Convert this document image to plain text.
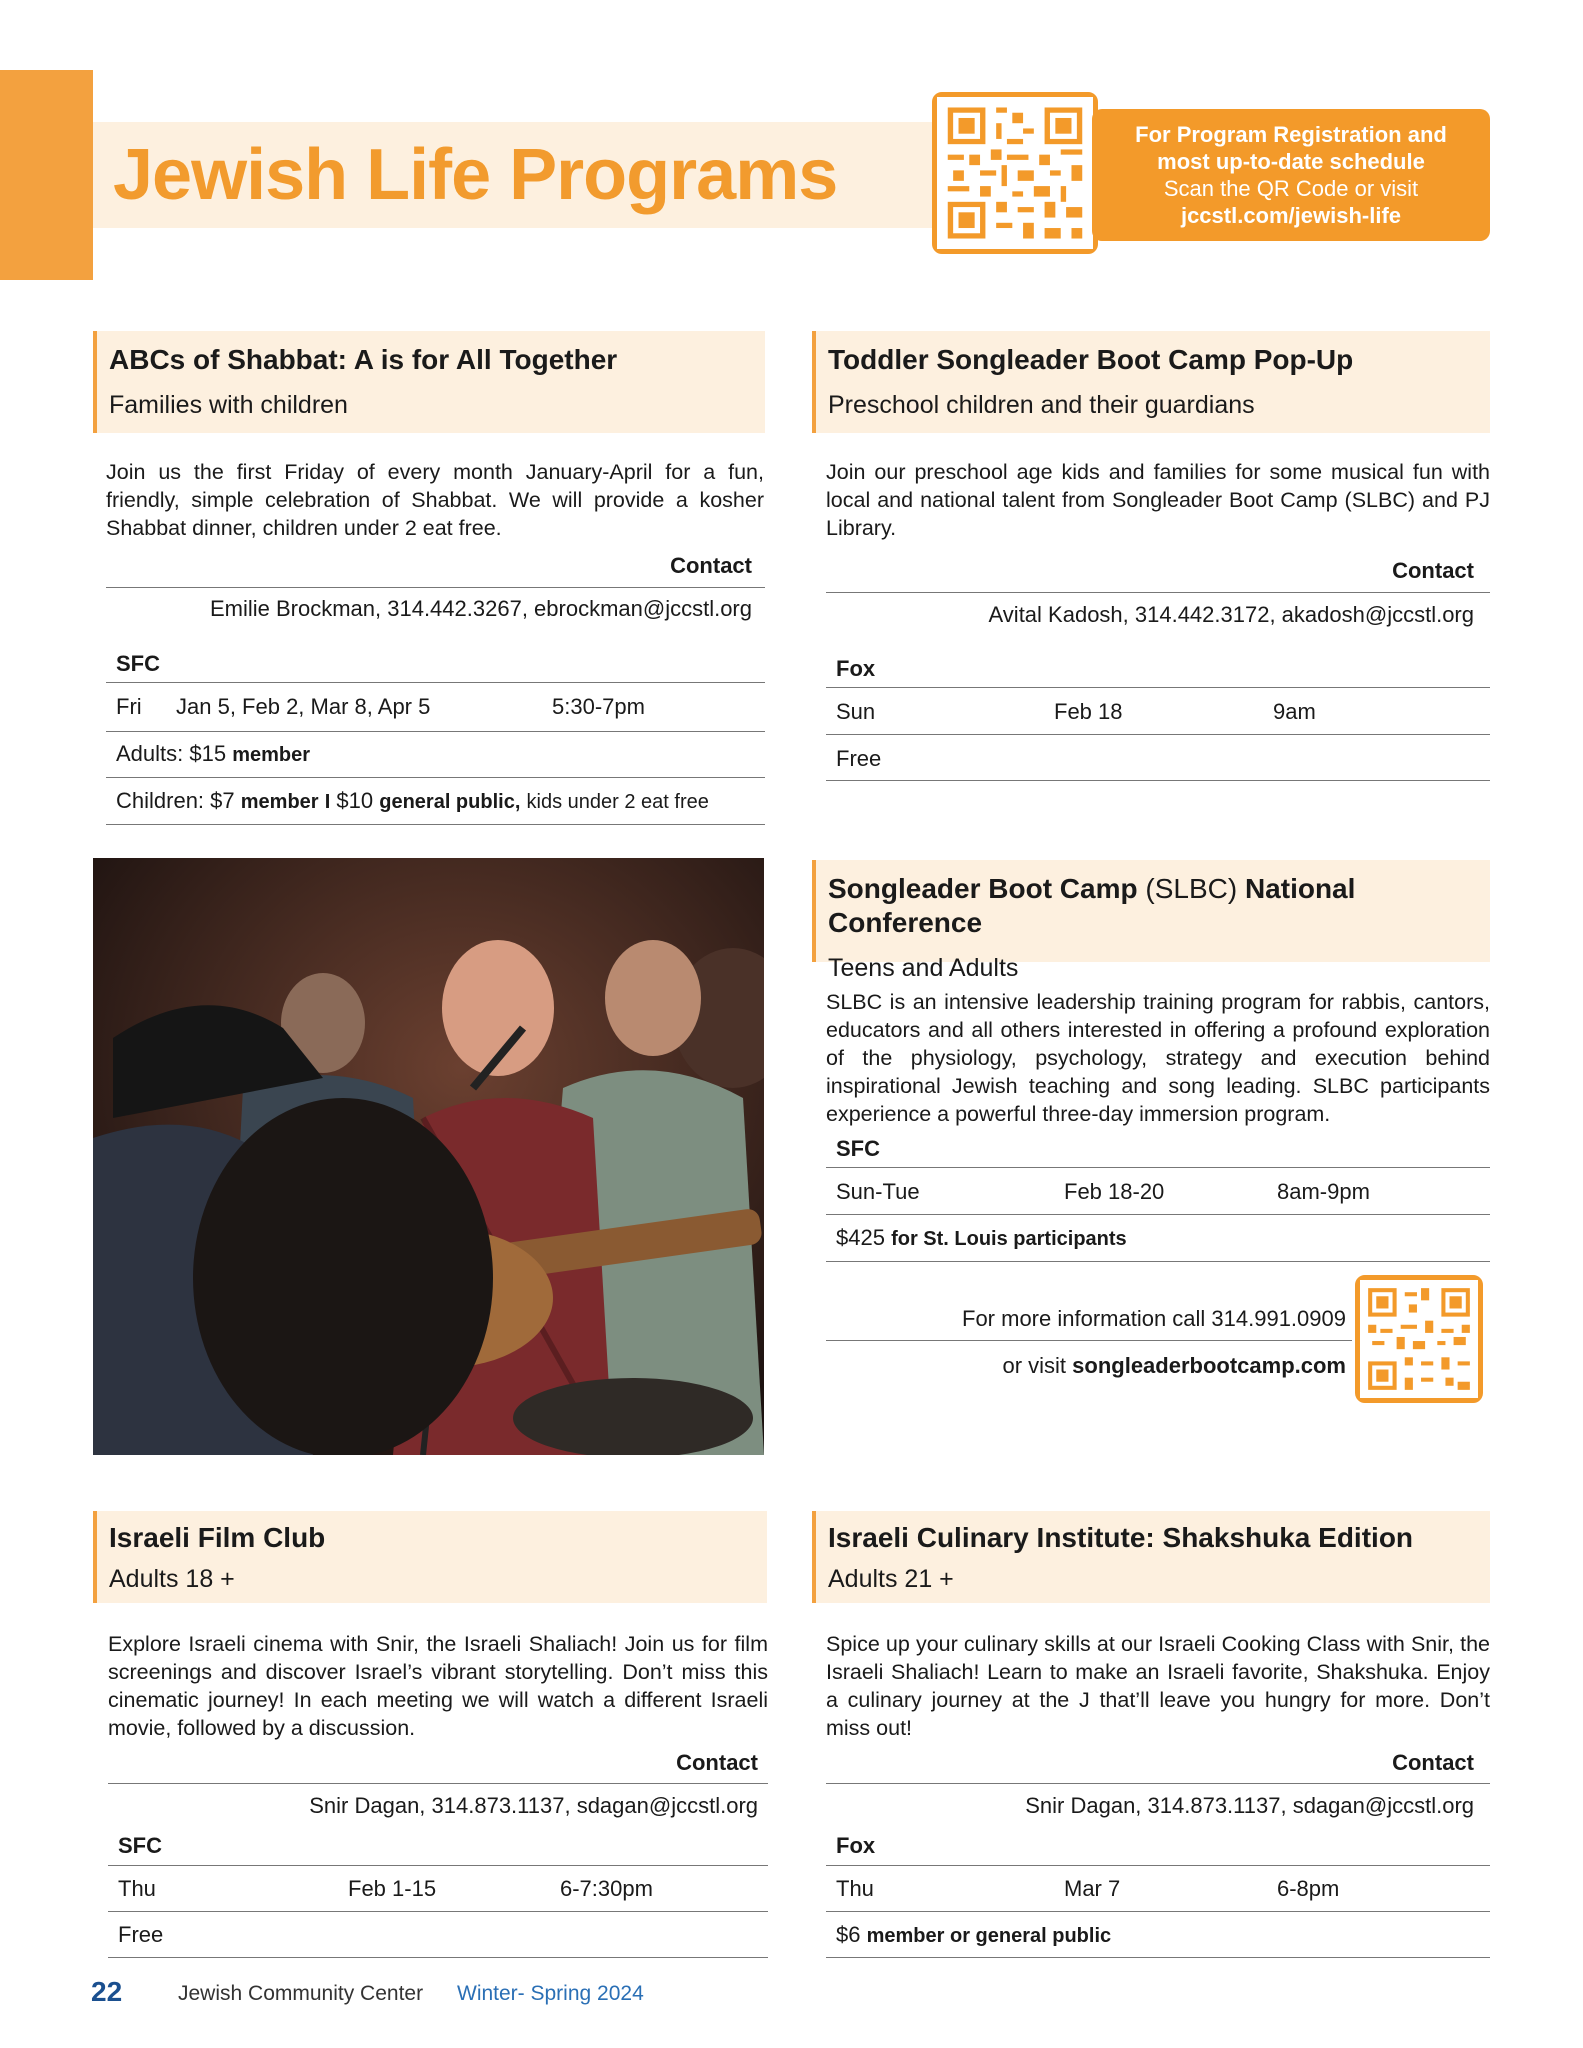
Jewish Life Programs
For Program Registration and
most up-to-date schedule
Scan the QR Code or visit
jccstl.com/jewish-life
ABCs of Shabbat: A is for All Together
Families with children
Join us the first Friday of every month January-April for a fun, friendly, simple celebration of Shabbat. We will provide a kosher Shabbat dinner, children under 2 eat free.
Contact
Emilie Brockman, 314.442.3267, ebrockman@jccstl.org
SFC
Fri Jan 5, Feb 2, Mar 8, Apr 5	5:30-7pm
Adults: $15 member
Children: $7 member I $10 general public, kids under 2 eat free
Toddler Songleader Boot Camp Pop-Up
Preschool children and their guardians
Join our preschool age kids and families for some musical fun with local and national talent from Songleader Boot Camp (SLBC) and PJ Library.
Contact
Avital Kadosh, 314.442.3172, akadosh@jccstl.org
Fox
Sun	Feb 18	9am
Free
Songleader Boot Camp (SLBC) National Conference
Teens and Adults
SLBC is an intensive leadership training program for rabbis, cantors, educators and all others interested in offering a profound exploration of the physiology, psychology, strategy and execution behind inspirational Jewish teaching and song leading. SLBC participants experience a powerful three-day immersion program.
SFC
Sun-Tue	Feb 18-20	8am-9pm
$425 for St. Louis participants
For more information call 314.991.0909
or visit songleaderbootcamp.com
Israeli Film Club
Adults 18 +
Explore Israeli cinema with Snir, the Israeli Shaliach! Join us for film screenings and discover Israel’s vibrant storytelling. Don’t miss this cinematic journey! In each meeting we will watch a different Israeli movie, followed by a discussion.
Contact
Snir Dagan, 314.873.1137, sdagan@jccstl.org
SFC
Thu	Feb 1-15	6-7:30pm
Free
Israeli Culinary Institute: Shakshuka Edition
Adults 21 +
Spice up your culinary skills at our Israeli Cooking Class with Snir, the Israeli Shaliach! Learn to make an Israeli favorite, Shakshuka. Enjoy a culinary journey at the J that’ll leave you hungry for more. Don’t miss out!
Contact
Snir Dagan, 314.873.1137, sdagan@jccstl.org
Fox
Thu	Mar 7	6-8pm
$6 member or general public
22	Jewish Community Center Winter- Spring 2024
